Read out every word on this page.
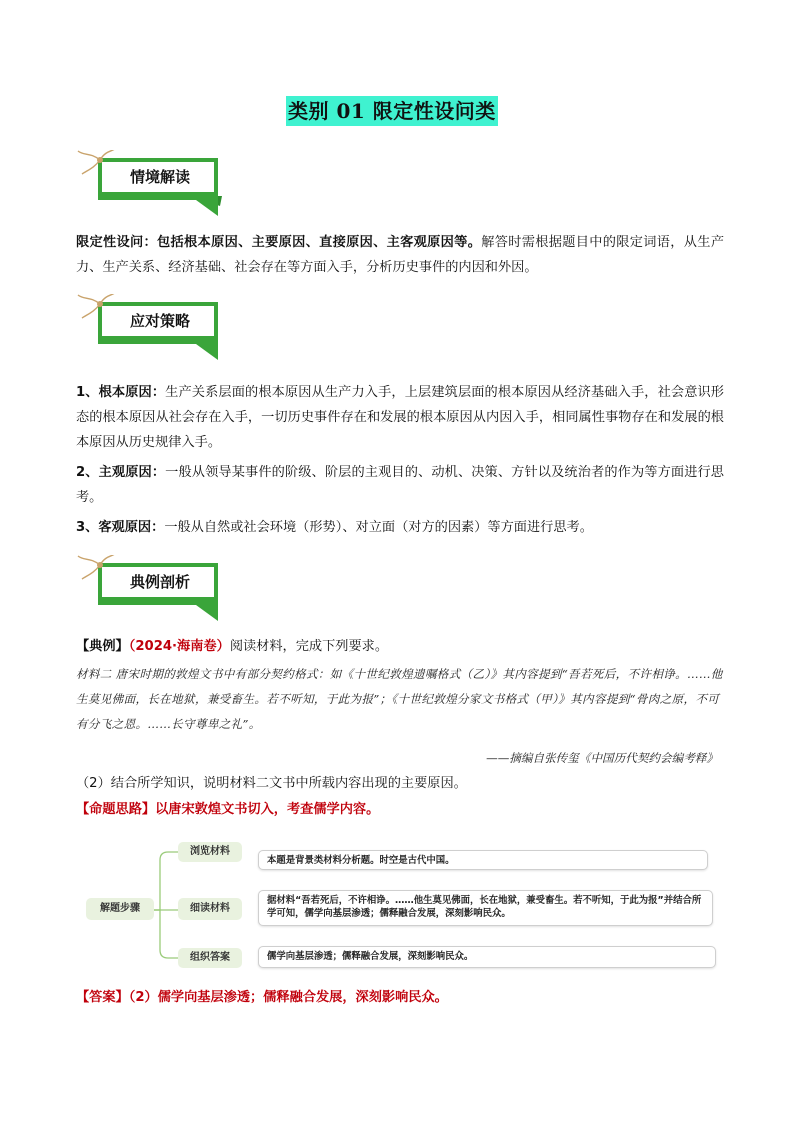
类别 01 限定性设问类
情境解读
限定性设问：包括根本原因、主要原因、直接原因、主客观原因等。解答时需根据题目中的限定词语，从生产力、生产关系、经济基础、社会存在等方面入手，分析历史事件的内因和外因。
应对策略
1、根本原因：生产关系层面的根本原因从生产力入手，上层建筑层面的根本原因从经济基础入手，社会意识形态的根本原因从社会存在入手，一切历史事件存在和发展的根本原因从内因入手，相同属性事物存在和发展的根本原因从历史规律入手。
2、主观原因：一般从领导某事件的阶级、阶层的主观目的、动机、决策、方针以及统治者的作为等方面进行思考。
3、客观原因：一般从自然或社会环境（形势）、对立面（对方的因素）等方面进行思考。
典例剖析
【典例】（2024·海南卷）阅读材料，完成下列要求。
材料二 唐宋时期的敦煌文书中有部分契约格式：如《十世纪敦煌遗嘱格式（乙）》其内容提到“吾若死后，不许相诤。……他生莫见佛面，长在地狱，兼受畜生。若不听知，于此为报”；《十世纪敦煌分家文书格式（甲）》其内容提到“骨肉之原，不可有分飞之恩。……长守尊卑之礼”。
——摘编自张传玺《中国历代契约会编考释》
（2）结合所学知识，说明材料二文书中所载内容出现的主要原因。
【命题思路】以唐宋敦煌文书切入，考查儒学内容。
解题步骤
浏览材料
本题是背景类材料分析题。时空是古代中国。
细读材料
据材料“吾若死后，不许相诤。……他生莫见佛面，长在地狱，兼受畜生。若不听知，于此为报”并结合所学可知，儒学向基层渗透；儒释融合发展，深刻影响民众。
组织答案	儒学向基层渗透；儒释融合发展，深刻影响民众。
【答案】（2）儒学向基层渗透；儒释融合发展，深刻影响民众。
